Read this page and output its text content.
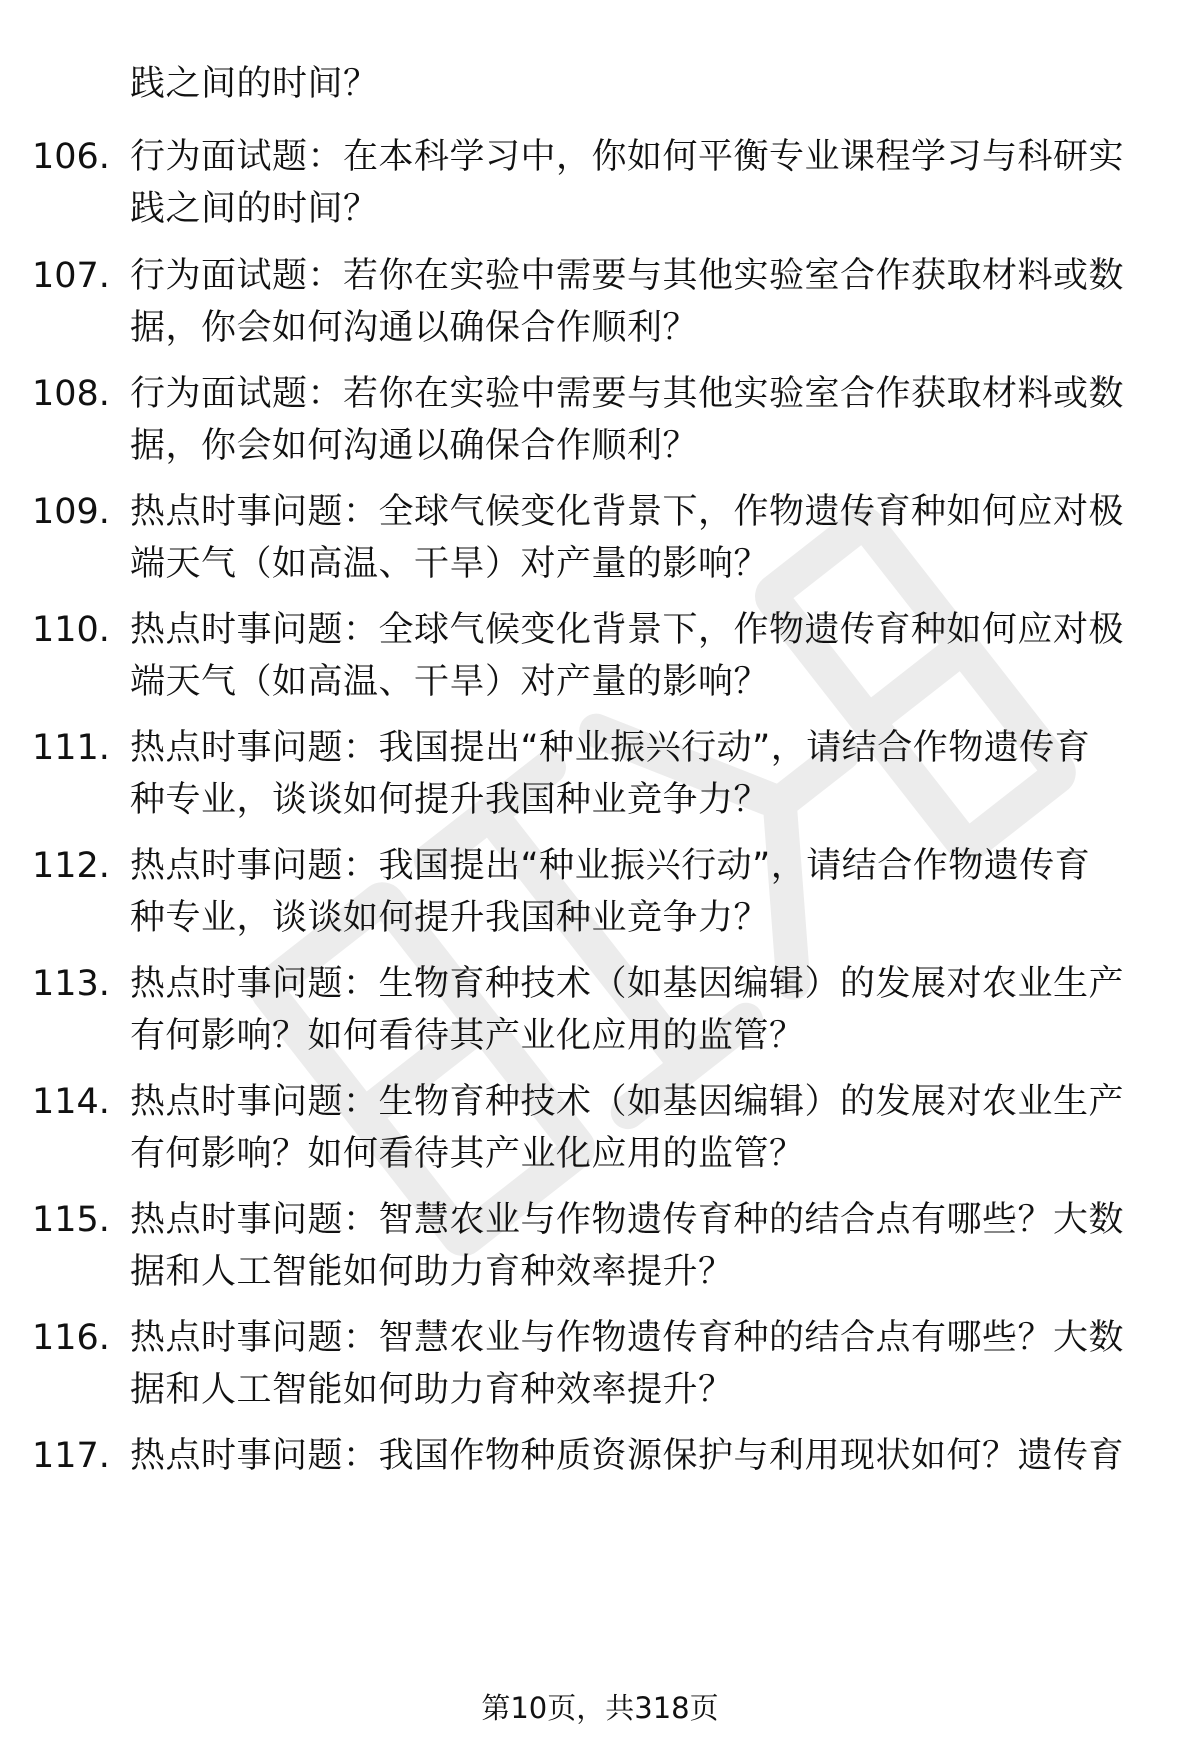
践之间的时间？
106. 行为面试题：在本科学习中，你如何平衡专业课程学习与科研实
践之间的时间？
107. 行为面试题：若你在实验中需要与其他实验室合作获取材料或数
据，你会如何沟通以确保合作顺利？
108. 行为面试题：若你在实验中需要与其他实验室合作获取材料或数
据，你会如何沟通以确保合作顺利？
109. 热点时事问题：全球气候变化背景下，作物遗传育种如何应对极
端天气（如高温、干旱）对产量的影响？
110. 热点时事问题：全球气候变化背景下，作物遗传育种如何应对极
端天气（如高温、干旱）对产量的影响？
111. 热点时事问题：我国提出“种业振兴行动”，请结合作物遗传育
种专业，谈谈如何提升我国种业竞争力？
112. 热点时事问题：我国提出“种业振兴行动”，请结合作物遗传育
种专业，谈谈如何提升我国种业竞争力？
113. 热点时事问题：生物育种技术（如基因编辑）的发展对农业生产
有何影响？如何看待其产业化应用的监管？
114. 热点时事问题：生物育种技术（如基因编辑）的发展对农业生产
有何影响？如何看待其产业化应用的监管？
115. 热点时事问题：智慧农业与作物遗传育种的结合点有哪些？大数
据和人工智能如何助力育种效率提升？
116. 热点时事问题：智慧农业与作物遗传育种的结合点有哪些？大数
据和人工智能如何助力育种效率提升？
117. 热点时事问题：我国作物种质资源保护与利用现状如何？遗传育
第10页，共318页
